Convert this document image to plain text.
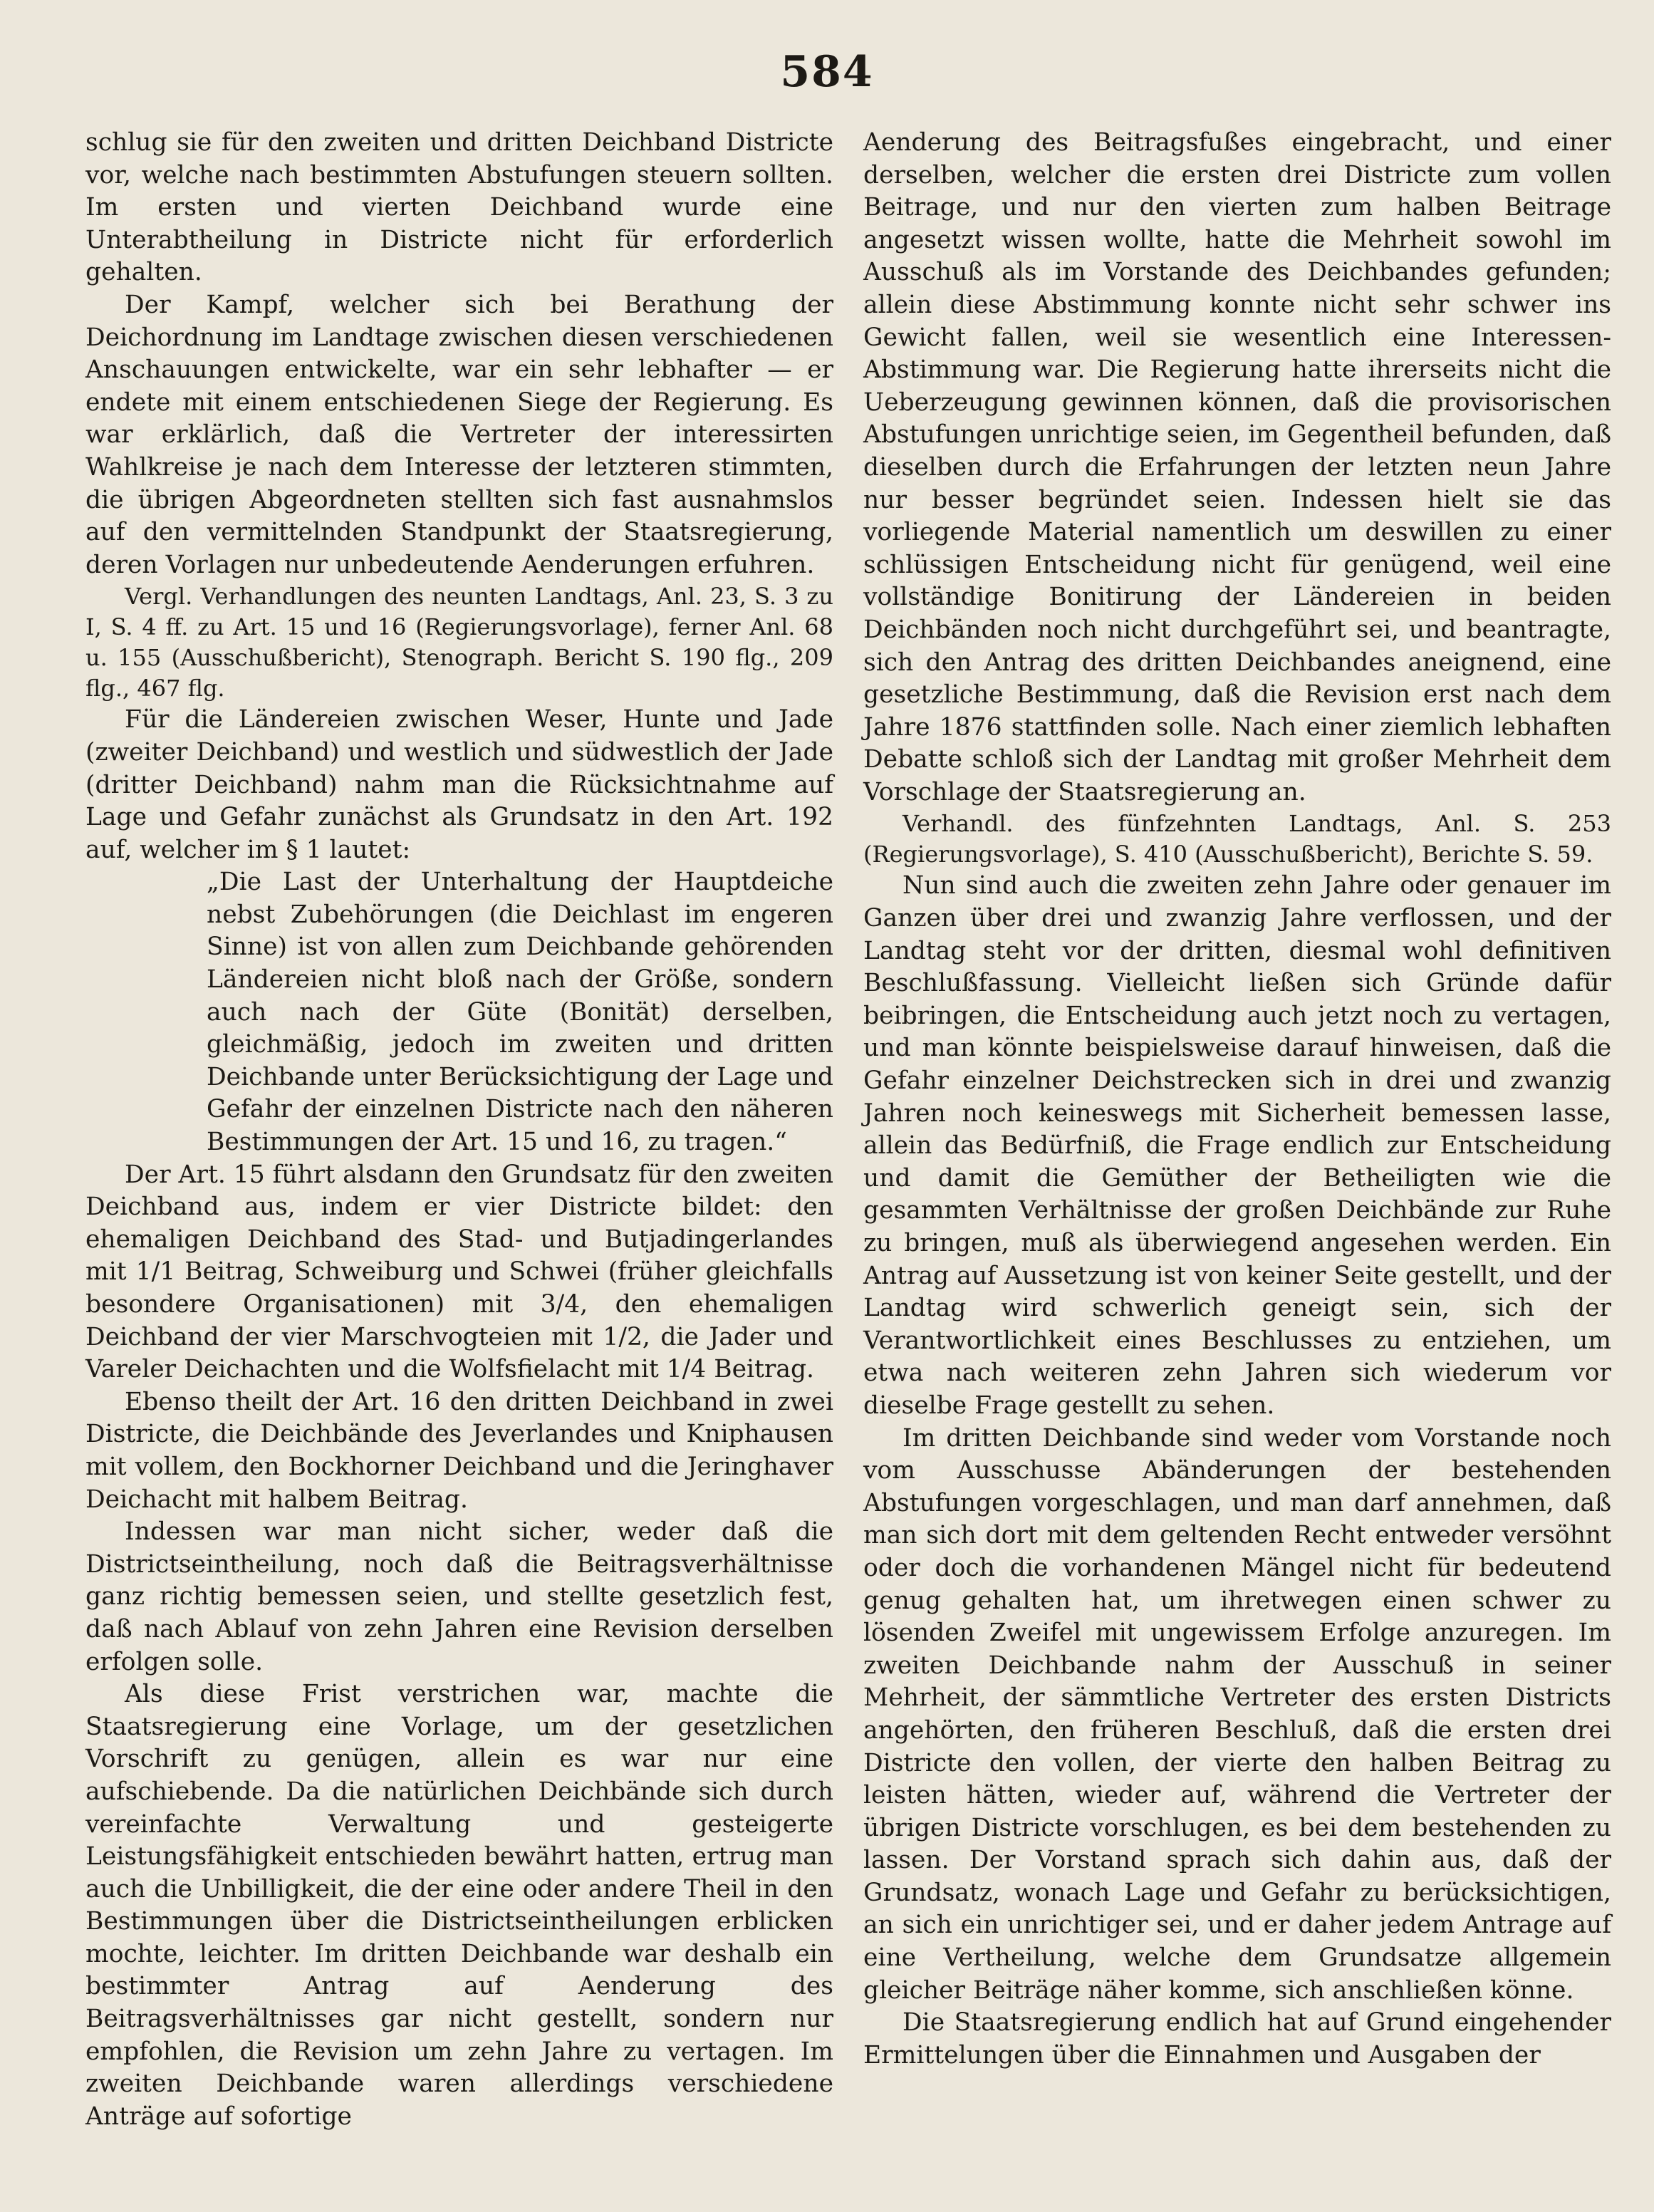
584

schlug sie für den zweiten und dritten Deichband Districte vor, welche nach bestimmten Abstufungen steuern sollten. Im ersten und vierten Deichband wurde eine Unterabtheilung in Districte nicht für erforderlich gehalten.

Der Kampf, welcher sich bei Berathung der Deichordnung im Landtage zwischen diesen verschiedenen Anschauungen entwickelte, war ein sehr lebhafter — er endete mit einem entschiedenen Siege der Regierung. Es war erklärlich, daß die Vertreter der interessirten Wahlkreise je nach dem Interesse der letzteren stimmten, die übrigen Abgeordneten stellten sich fast ausnahmslos auf den vermittelnden Standpunkt der Staatsregierung, deren Vorlagen nur unbedeutende Aenderungen erfuhren.

Vergl. Verhandlungen des neunten Landtags, Anl. 23, S. 3 zu I, S. 4 ff. zu Art. 15 und 16 (Regierungsvorlage), ferner Anl. 68 u. 155 (Ausschußbericht), Stenograph. Bericht S. 190 flg., 209 flg., 467 flg.

Für die Ländereien zwischen Weser, Hunte und Jade (zweiter Deichband) und westlich und südwestlich der Jade (dritter Deichband) nahm man die Rücksichtnahme auf Lage und Gefahr zunächst als Grundsatz in den Art. 192 auf, welcher im § 1 lautet:

„Die Last der Unterhaltung der Hauptdeiche nebst Zubehörungen (die Deichlast im engeren Sinne) ist von allen zum Deichbande gehörenden Ländereien nicht bloß nach der Größe, sondern auch nach der Güte (Bonität) derselben, gleichmäßig, jedoch im zweiten und dritten Deichbande unter Berücksichtigung der Lage und Gefahr der einzelnen Districte nach den näheren Bestimmungen der Art. 15 und 16, zu tragen.“

Der Art. 15 führt alsdann den Grundsatz für den zweiten Deichband aus, indem er vier Districte bildet: den ehemaligen Deichband des Stad- und Butjadingerlandes mit 1/1 Beitrag, Schweiburg und Schwei (früher gleichfalls besondere Organisationen) mit 3/4, den ehemaligen Deichband der vier Marschvogteien mit 1/2, die Jader und Vareler Deichachten und die Wolfsfielacht mit 1/4 Beitrag.

Ebenso theilt der Art. 16 den dritten Deichband in zwei Districte, die Deichbände des Jeverlandes und Kniphausen mit vollem, den Bockhorner Deichband und die Jeringhaver Deichacht mit halbem Beitrag.

Indessen war man nicht sicher, weder daß die Districtseintheilung, noch daß die Beitragsverhältnisse ganz richtig bemessen seien, und stellte gesetzlich fest, daß nach Ablauf von zehn Jahren eine Revision derselben erfolgen solle.

Als diese Frist verstrichen war, machte die Staatsregierung eine Vorlage, um der gesetzlichen Vorschrift zu genügen, allein es war nur eine aufschiebende. Da die natürlichen Deichbände sich durch vereinfachte Verwaltung und gesteigerte Leistungsfähigkeit entschieden bewährt hatten, ertrug man auch die Unbilligkeit, die der eine oder andere Theil in den Bestimmungen über die Districtseintheilungen erblicken mochte, leichter. Im dritten Deichbande war deshalb ein bestimmter Antrag auf Aenderung des Beitragsverhältnisses gar nicht gestellt, sondern nur empfohlen, die Revision um zehn Jahre zu vertagen. Im zweiten Deichbande waren allerdings verschiedene Anträge auf sofortige

Aenderung des Beitragsfußes eingebracht, und einer derselben, welcher die ersten drei Districte zum vollen Beitrage, und nur den vierten zum halben Beitrage angesetzt wissen wollte, hatte die Mehrheit sowohl im Ausschuß als im Vorstande des Deichbandes gefunden; allein diese Abstimmung konnte nicht sehr schwer ins Gewicht fallen, weil sie wesentlich eine Interessen-Abstimmung war. Die Regierung hatte ihrerseits nicht die Ueberzeugung gewinnen können, daß die provisorischen Abstufungen unrichtige seien, im Gegentheil befunden, daß dieselben durch die Erfahrungen der letzten neun Jahre nur besser begründet seien. Indessen hielt sie das vorliegende Material namentlich um deswillen zu einer schlüssigen Entscheidung nicht für genügend, weil eine vollständige Bonitirung der Ländereien in beiden Deichbänden noch nicht durchgeführt sei, und beantragte, sich den Antrag des dritten Deichbandes aneignend, eine gesetzliche Bestimmung, daß die Revision erst nach dem Jahre 1876 stattfinden solle. Nach einer ziemlich lebhaften Debatte schloß sich der Landtag mit großer Mehrheit dem Vorschlage der Staatsregierung an.

Verhandl. des fünfzehnten Landtags, Anl. S. 253 (Regierungsvorlage), S. 410 (Ausschußbericht), Berichte S. 59.

Nun sind auch die zweiten zehn Jahre oder genauer im Ganzen über drei und zwanzig Jahre verflossen, und der Landtag steht vor der dritten, diesmal wohl definitiven Beschlußfassung. Vielleicht ließen sich Gründe dafür beibringen, die Entscheidung auch jetzt noch zu vertagen, und man könnte beispielsweise darauf hinweisen, daß die Gefahr einzelner Deichstrecken sich in drei und zwanzig Jahren noch keineswegs mit Sicherheit bemessen lasse, allein das Bedürfniß, die Frage endlich zur Entscheidung und damit die Gemüther der Betheiligten wie die gesammten Verhältnisse der großen Deichbände zur Ruhe zu bringen, muß als überwiegend angesehen werden. Ein Antrag auf Aussetzung ist von keiner Seite gestellt, und der Landtag wird schwerlich geneigt sein, sich der Verantwortlichkeit eines Beschlusses zu entziehen, um etwa nach weiteren zehn Jahren sich wiederum vor dieselbe Frage gestellt zu sehen.

Im dritten Deichbande sind weder vom Vorstande noch vom Ausschusse Abänderungen der bestehenden Abstufungen vorgeschlagen, und man darf annehmen, daß man sich dort mit dem geltenden Recht entweder versöhnt oder doch die vorhandenen Mängel nicht für bedeutend genug gehalten hat, um ihretwegen einen schwer zu lösenden Zweifel mit ungewissem Erfolge anzuregen. Im zweiten Deichbande nahm der Ausschuß in seiner Mehrheit, der sämmtliche Vertreter des ersten Districts angehörten, den früheren Beschluß, daß die ersten drei Districte den vollen, der vierte den halben Beitrag zu leisten hätten, wieder auf, während die Vertreter der übrigen Districte vorschlugen, es bei dem bestehenden zu lassen. Der Vorstand sprach sich dahin aus, daß der Grundsatz, wonach Lage und Gefahr zu berücksichtigen, an sich ein unrichtiger sei, und er daher jedem Antrage auf eine Vertheilung, welche dem Grundsatze allgemein gleicher Beiträge näher komme, sich anschließen könne.

Die Staatsregierung endlich hat auf Grund eingehender Ermittelungen über die Einnahmen und Ausgaben der
